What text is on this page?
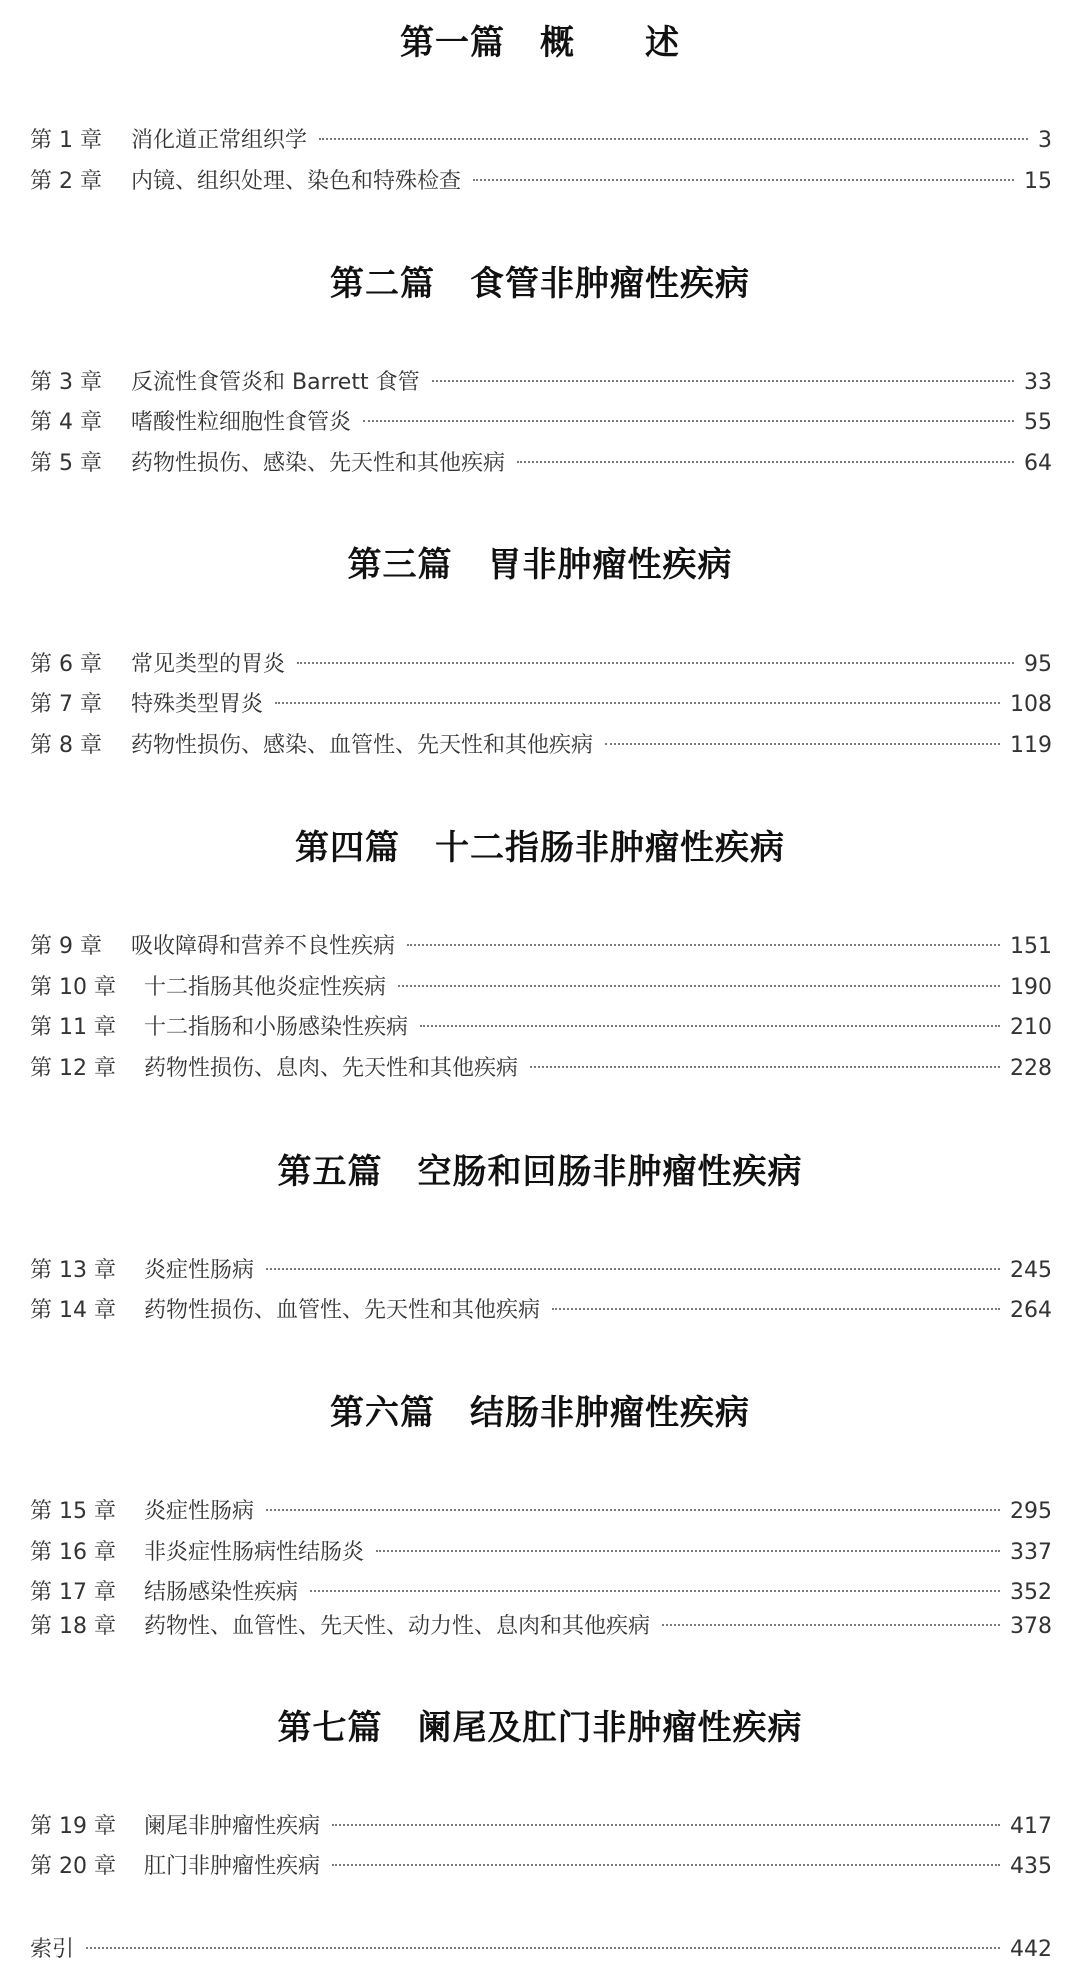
第一篇　概　　述
第 1 章	消化道正常组织学	3
第 2 章	内镜、组织处理、染色和特殊检查	15
第二篇　食管非肿瘤性疾病
第 3 章	反流性食管炎和 Barrett 食管	33
第 4 章	嗜酸性粒细胞性食管炎	55
第 5 章	药物性损伤、感染、先天性和其他疾病	64
第三篇　胃非肿瘤性疾病
第 6 章	常见类型的胃炎	95
第 7 章	特殊类型胃炎	108
第 8 章	药物性损伤、感染、血管性、先天性和其他疾病	119
第四篇　十二指肠非肿瘤性疾病
第 9 章	吸收障碍和营养不良性疾病	151
第 10 章	十二指肠其他炎症性疾病	190
第 11 章	十二指肠和小肠感染性疾病	210
第 12 章	药物性损伤、息肉、先天性和其他疾病	228
第五篇　空肠和回肠非肿瘤性疾病
第 13 章	炎症性肠病	245
第 14 章	药物性损伤、血管性、先天性和其他疾病	264
第六篇　结肠非肿瘤性疾病
第 15 章	炎症性肠病	295
第 16 章	非炎症性肠病性结肠炎	337
第 17 章	结肠感染性疾病	352
第 18 章	药物性、血管性、先天性、动力性、息肉和其他疾病	378
第七篇　阑尾及肛门非肿瘤性疾病
第 19 章	阑尾非肿瘤性疾病	417
第 20 章	肛门非肿瘤性疾病	435
索引	442
